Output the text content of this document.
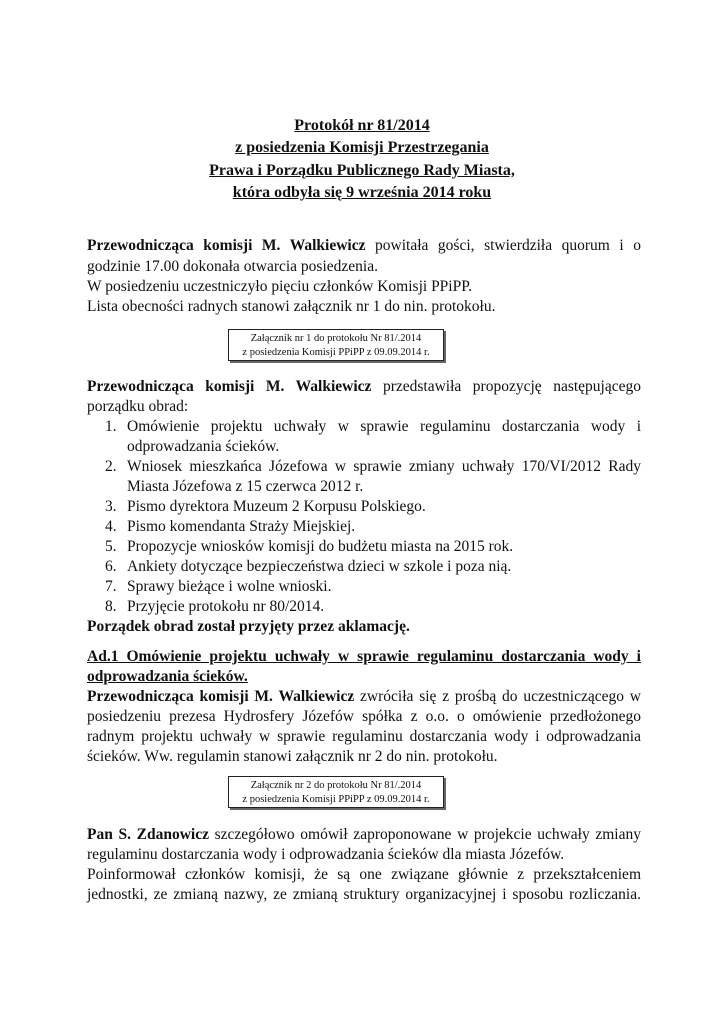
Protokół nr 81/2014
z posiedzenia Komisji Przestrzegania
Prawa i Porządku Publicznego Rady Miasta,
która odbyła się 9 września 2014 roku
Przewodnicząca komisji M. Walkiewicz powitała gości, stwierdziła quorum i o
godzinie 17.00 dokonała otwarcia posiedzenia.
W posiedzeniu uczestniczyło pięciu członków Komisji PPiPP.
Lista obecności radnych stanowi załącznik nr 1 do nin. protokołu.
Załącznik nr 1 do protokołu Nr 81/.2014
z posiedzenia Komisji PPiPP z 09.09.2014 r.
Przewodnicząca komisji M. Walkiewicz przedstawiła propozycję następującego
porządku obrad:
1. Omówienie projektu uchwały w sprawie regulaminu dostarczania wody i
odprowadzania ścieków.
2. Wniosek mieszkańca Józefowa w sprawie zmiany uchwały 170/VI/2012 Rady
Miasta Józefowa z 15 czerwca 2012 r.
3. Pismo dyrektora Muzeum 2 Korpusu Polskiego.
4. Pismo komendanta Straży Miejskiej.
5. Propozycje wniosków komisji do budżetu miasta na 2015 rok.
6. Ankiety dotyczące bezpieczeństwa dzieci w szkole i poza nią.
7. Sprawy bieżące i wolne wnioski.
8. Przyjęcie protokołu nr 80/2014.
Porządek obrad został przyjęty przez aklamację.
Ad.1 Omówienie projektu uchwały w sprawie regulaminu dostarczania wody i
odprowadzania ścieków.
Przewodnicząca komisji M. Walkiewicz zwróciła się z prośbą do uczestniczącego w
posiedzeniu prezesa Hydrosfery Józefów spółka z o.o. o omówienie przedłożonego
radnym projektu uchwały w sprawie regulaminu dostarczania wody i odprowadzania
ścieków. Ww. regulamin stanowi załącznik nr 2 do nin. protokołu.
Załącznik nr 2 do protokołu Nr 81/.2014
z posiedzenia Komisji PPiPP z 09.09.2014 r.
Pan S. Zdanowicz szczegółowo omówił zaproponowane w projekcie uchwały zmiany
regulaminu dostarczania wody i odprowadzania ścieków dla miasta Józefów.
Poinformował członków komisji, że są one związane głównie z przekształceniem
jednostki, ze zmianą nazwy, ze zmianą struktury organizacyjnej i sposobu rozliczania.
